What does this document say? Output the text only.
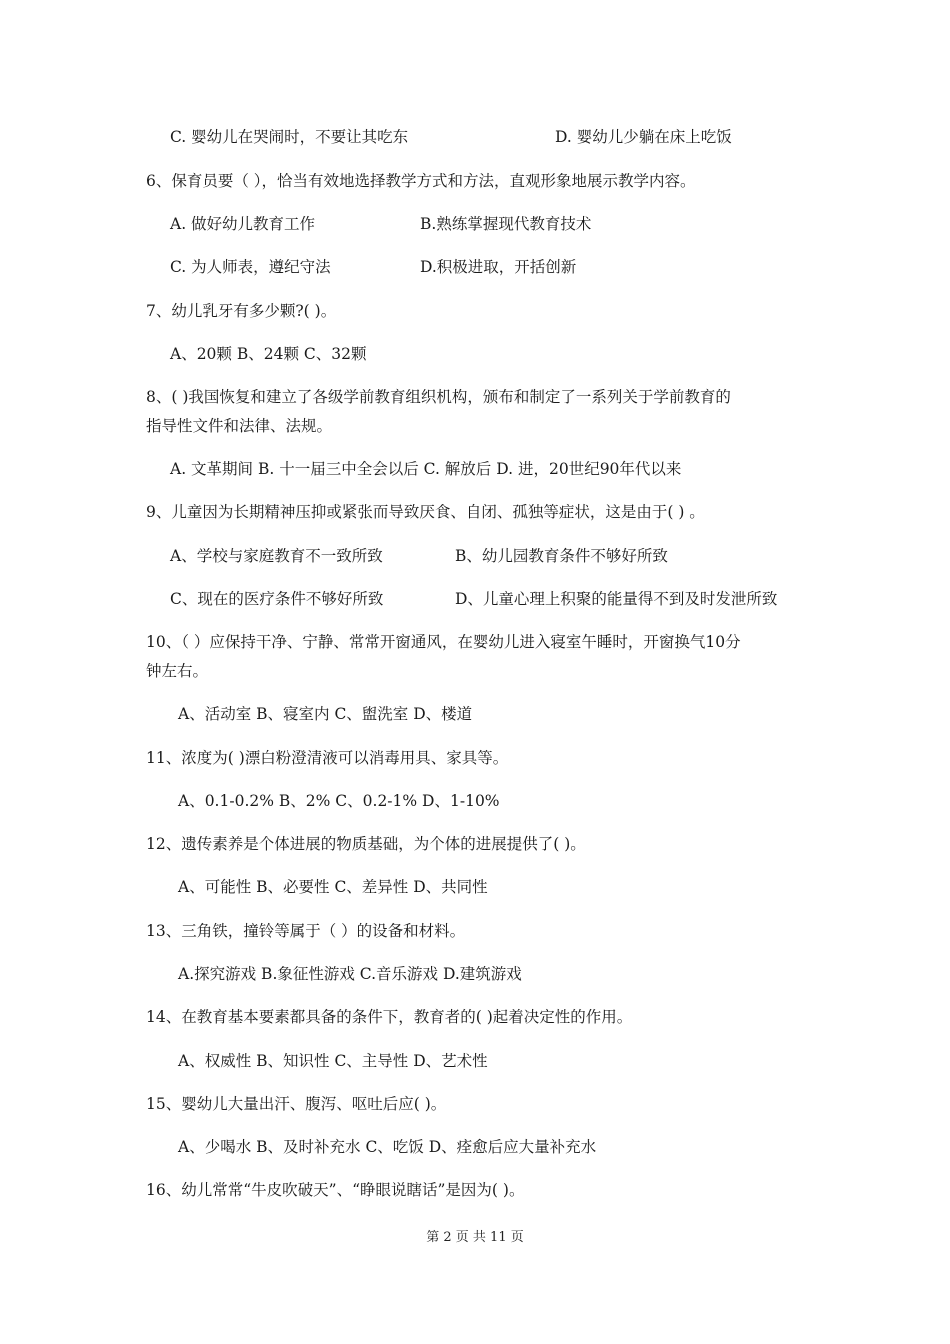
C. 婴幼儿在哭闹时，不要让其吃东	D. 婴幼儿少躺在床上吃饭
6、保育员要（ ），恰当有效地选择教学方式和方法，直观形象地展示教学内容。
A. 做好幼儿教育工作	B.熟练掌握现代教育技术
C. 为人师表，遵纪守法	D.积极进取，开括创新
7、幼儿乳牙有多少颗?( )。
A、20颗 B、24颗 C、32颗
8、( )我国恢复和建立了各级学前教育组织机构，颁布和制定了一系列关于学前教育的
指导性文件和法律、法规。
A. 文革期间 B. 十一届三中全会以后 C. 解放后 D. 进，20世纪90年代以来
9、儿童因为长期精神压抑或紧张而导致厌食、自闭、孤独等症状，这是由于( ) 。
A、学校与家庭教育不一致所致	B、幼儿园教育条件不够好所致
C、现在的医疗条件不够好所致	D、儿童心理上积聚的能量得不到及时发泄所致
10、（ ）应保持干净、宁静、常常开窗通风，在婴幼儿进入寝室午睡时，开窗换气10分
钟左右。
A、活动室 B、寝室内 C、盥洗室 D、楼道
11、浓度为( )漂白粉澄清液可以消毒用具、家具等。
A、0.1-0.2% B、2% C、0.2-1% D、1-10%
12、遗传素养是个体进展的物质基础，为个体的进展提供了( )。
A、可能性 B、必要性 C、差异性 D、共同性
13、三角铁，撞铃等属于（ ）的设备和材料。
A.探究游戏 B.象征性游戏 C.音乐游戏 D.建筑游戏
14、在教育基本要素都具备的条件下，教育者的( )起着决定性的作用。
A、权威性 B、知识性 C、主导性 D、艺术性
15、婴幼儿大量出汗、腹泻、呕吐后应( )。
A、少喝水 B、及时补充水 C、吃饭 D、痊愈后应大量补充水
16、幼儿常常“牛皮吹破天”、“睁眼说瞎话”是因为( )。
第 2 页 共 11 页
